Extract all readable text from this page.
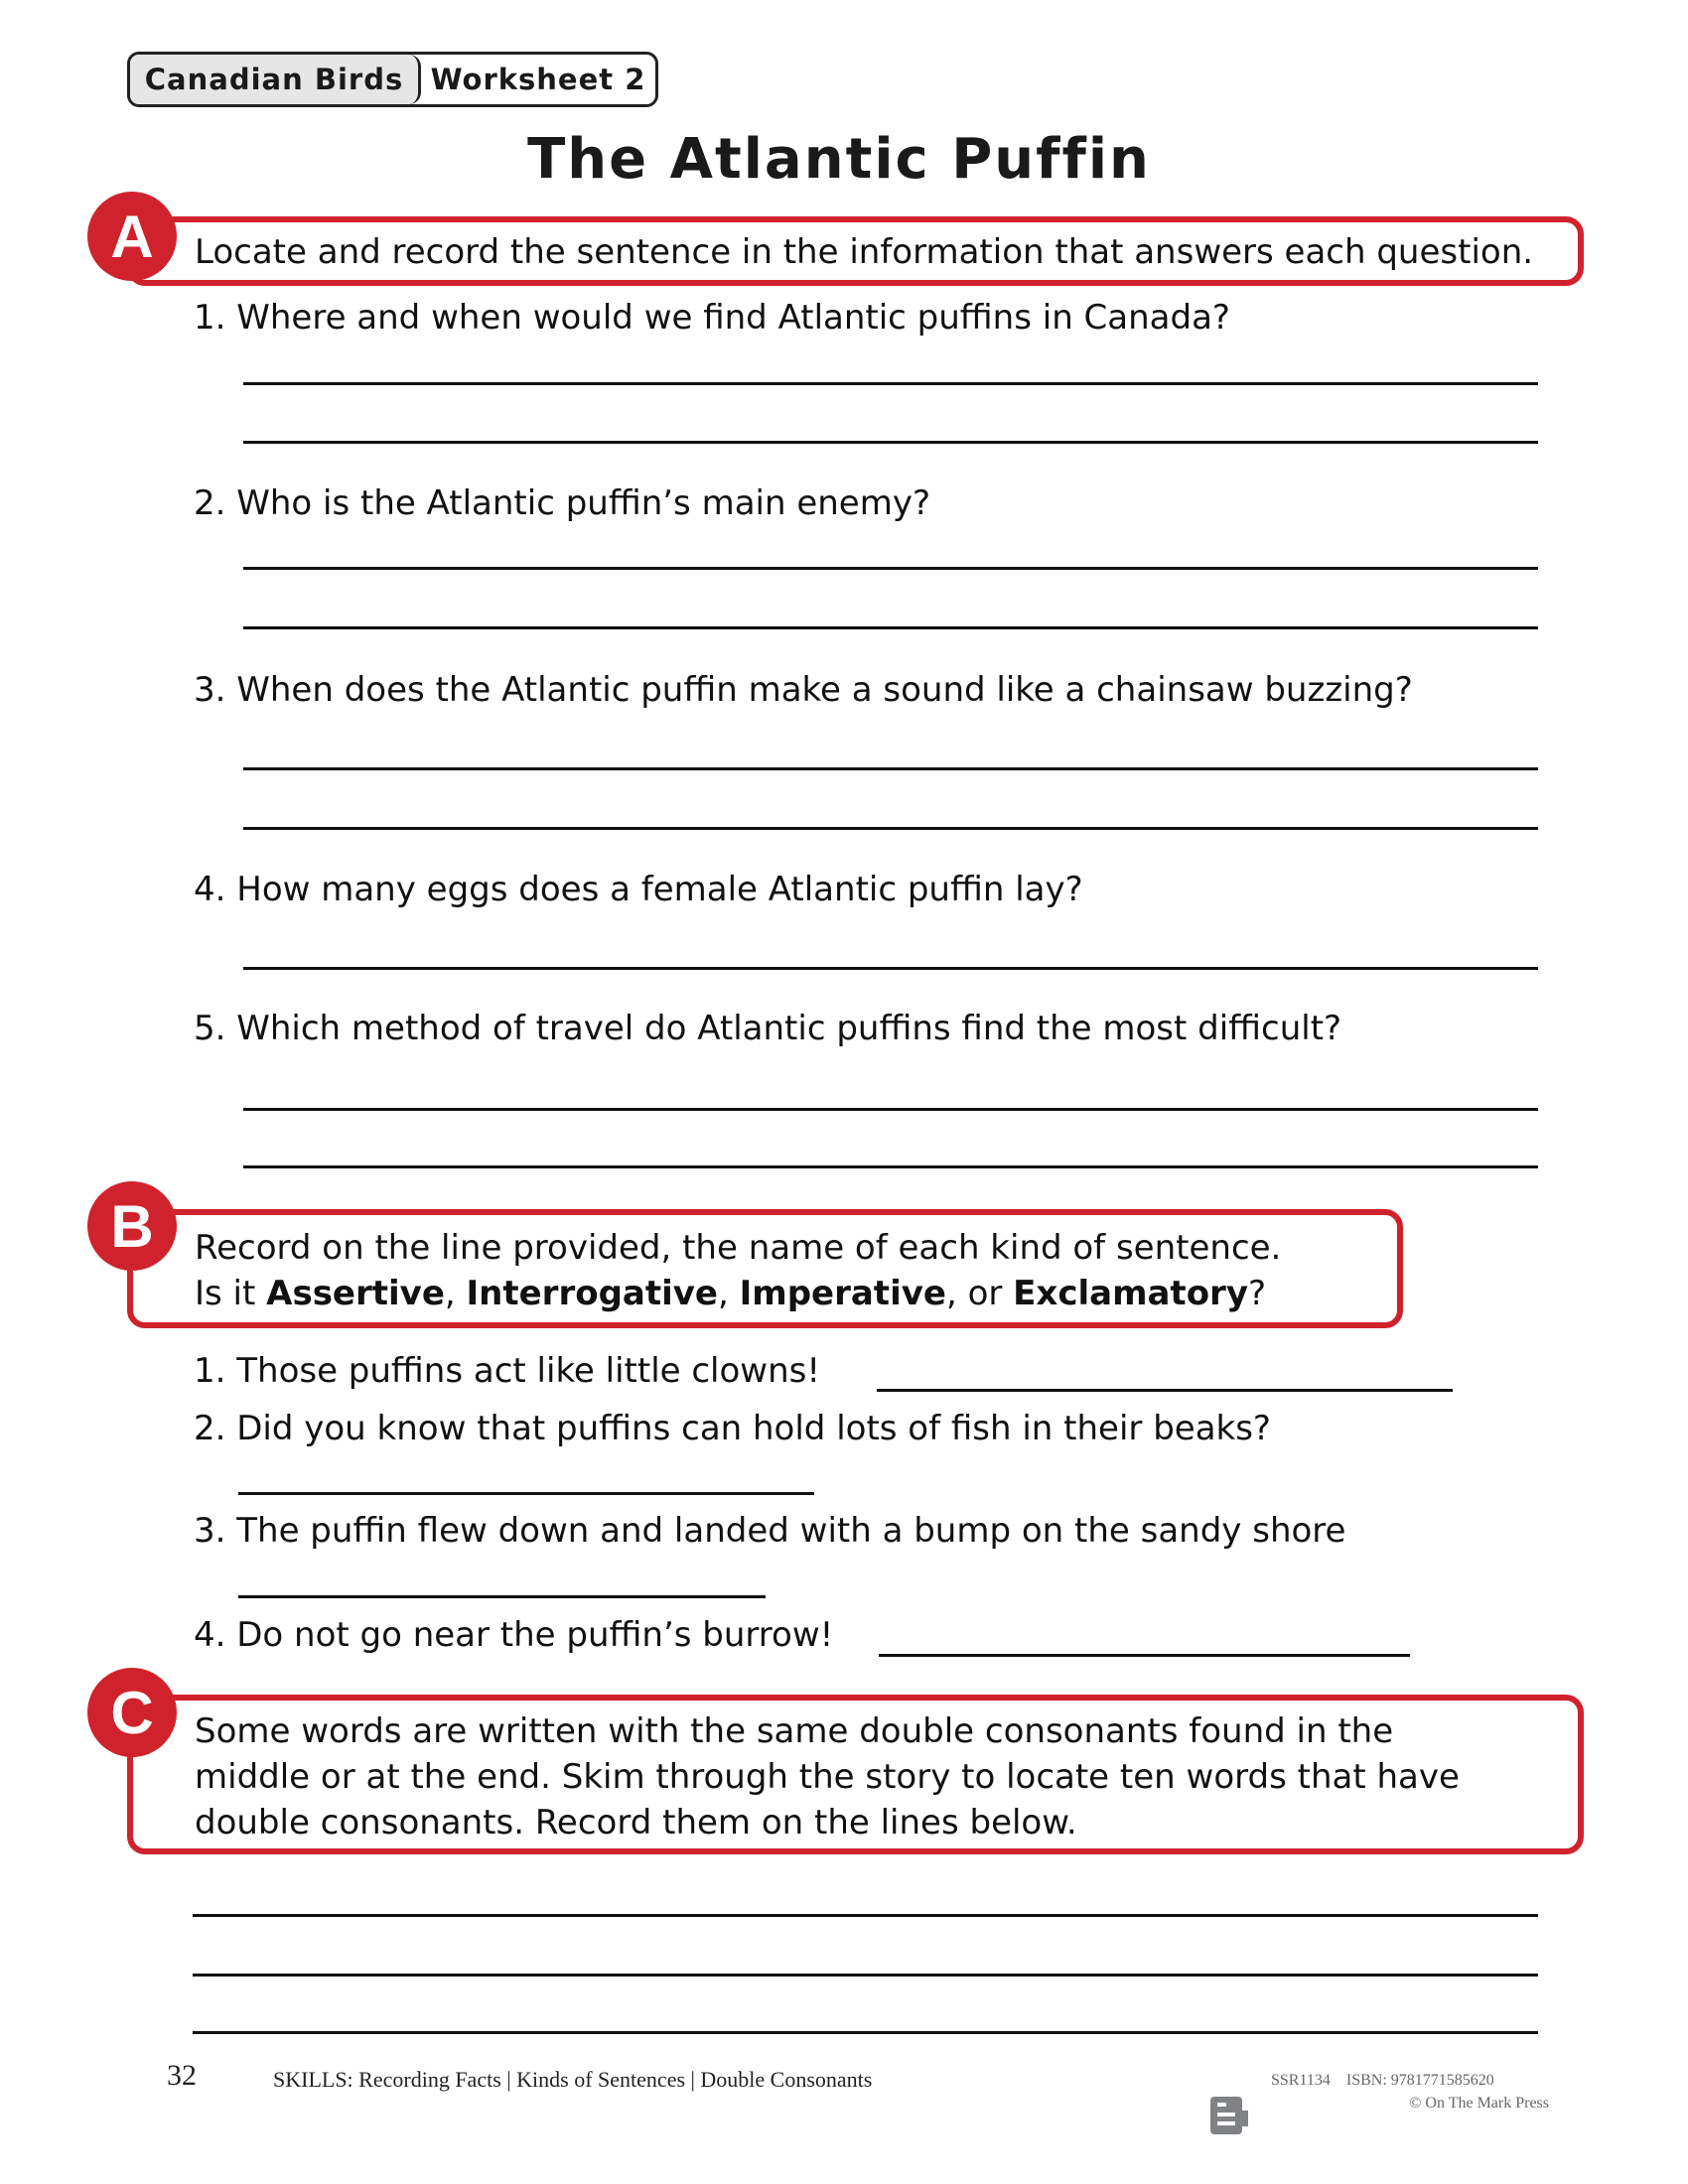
Canadian Birds Worksheet 2
The Atlantic Puffin
Locate and record the sentence in the information that answers each question.
A
1. Where and when would we find Atlantic puffins in Canada?
2. Who is the Atlantic puffin’s main enemy?
3. When does the Atlantic puffin make a sound like a chainsaw buzzing?
4. How many eggs does a female Atlantic puffin lay?
5. Which method of travel do Atlantic puffins find the most difficult?
Record on the line provided, the name of each kind of sentence.
Is it Assertive, Interrogative, Imperative, or Exclamatory?
B
1. Those puffins act like little clowns!
2. Did you know that puffins can hold lots of fish in their beaks?
3. The puffin flew down and landed with a bump on the sandy shore
4. Do not go near the puffin’s burrow!
Some words are written with the same double consonants found in the
middle or at the end. Skim through the story to locate ten words that have
double consonants. Record them on the lines below.
C
32	SKILLS: Recording Facts | Kinds of Sentences | Double Consonants	SSR1134 ISBN: 9781771585620
© On The Mark Press
